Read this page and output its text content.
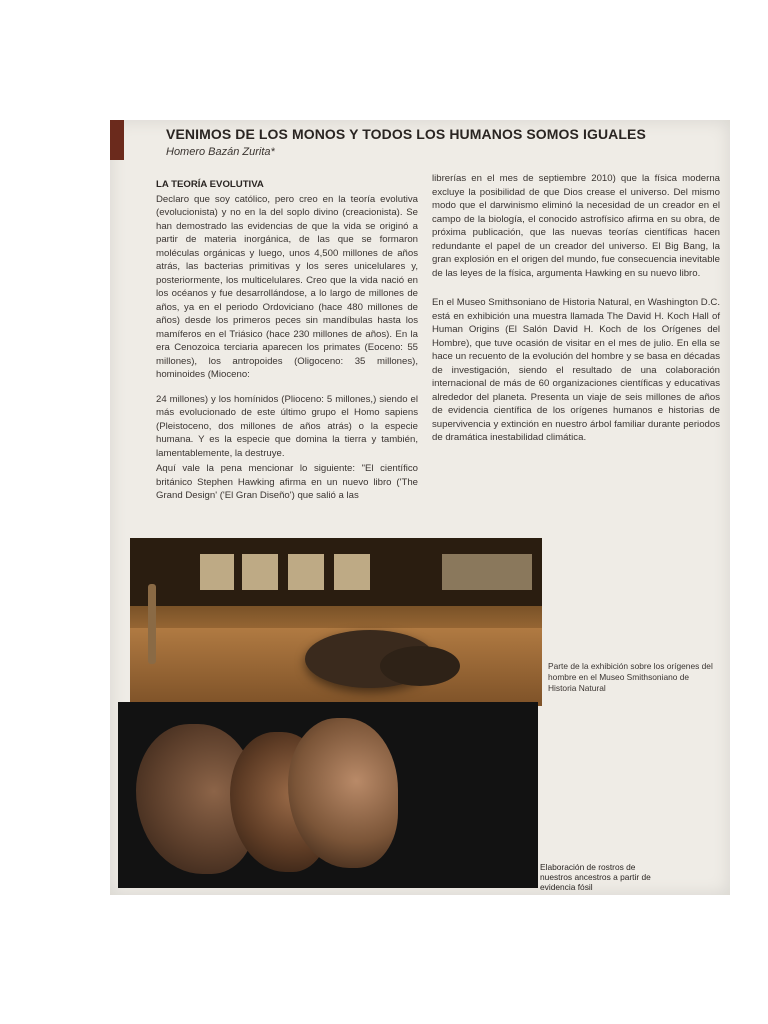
VENIMOS DE LOS MONOS Y TODOS LOS HUMANOS SOMOS IGUALES

Homero Bazán Zurita*

LA TEORÍA EVOLUTIVA

Declaro que soy católico, pero creo en la teoría evolutiva (evolucionista) y no en la del soplo divino (creacionista). Se han demostrado las evidencias de que la vida se originó a partir de materia inorgánica, de las que se formaron moléculas orgánicas y luego, unos 4,500 millones de años atrás, las bacterias primitivas y los seres unicelulares y, posteriormente, los multicelulares. Creo que la vida nació en los océanos y fue desarrollándose, a lo largo de millones de años, ya en el periodo Ordoviciano (hace 480 millones de años) desde los primeros peces sin mandíbulas hasta los mamíferos en el Triásico (hace 230 millones de años). En la era Cenozoica terciaria aparecen los primates (Eoceno: 55 millones), los antropoides (Oligoceno: 35 millones), hominoides (Mioceno:

24 millones) y los homínidos (Plioceno: 5 millones,) siendo el más evolucionado de este último grupo el Homo sapiens (Pleistoceno, dos millones de años atrás) o la especie humana. Y es la especie que domina la tierra y también, lamentablemente, la destruye.

Aquí vale la pena mencionar lo siguiente: "El científico británico Stephen Hawking afirma en un nuevo libro ('The Grand Design' ('El Gran Diseño') que salió a las

librerías en el mes de septiembre 2010) que la física moderna excluye la posibilidad de que Dios crease el universo. Del mismo modo que el darwinismo eliminó la necesidad de un creador en el campo de la biología, el conocido astrofísico afirma en su obra, de próxima publicación, que las nuevas teorías científicas hacen redundante el papel de un creador del universo. El Big Bang, la gran explosión en el origen del mundo, fue consecuencia inevitable de las leyes de la física, argumenta Hawking en su nuevo libro.

En el Museo Smithsoniano de Historia Natural, en Washington D.C. está en exhibición una muestra llamada The David H. Koch Hall of Human Origins (El Salón David H. Koch de los Orígenes del Hombre), que tuve ocasión de visitar en el mes de julio. En ella se hace un recuento de la evolución del hombre y se basa en décadas de investigación, siendo el resultado de una colaboración internacional de más de 60 organizaciones científicas y educativas alrededor del planeta. Presenta un viaje de seis millones de años de evidencia científica de los orígenes humanos e historias de supervivencia y extinción en nuestro árbol familiar durante periodos de dramática inestabilidad climática.

Parte de la exhibición sobre los orígenes del hombre en el Museo Smithsoniano de Historia Natural

Elaboración de rostros de nuestros ancestros a partir de evidencia fósil
